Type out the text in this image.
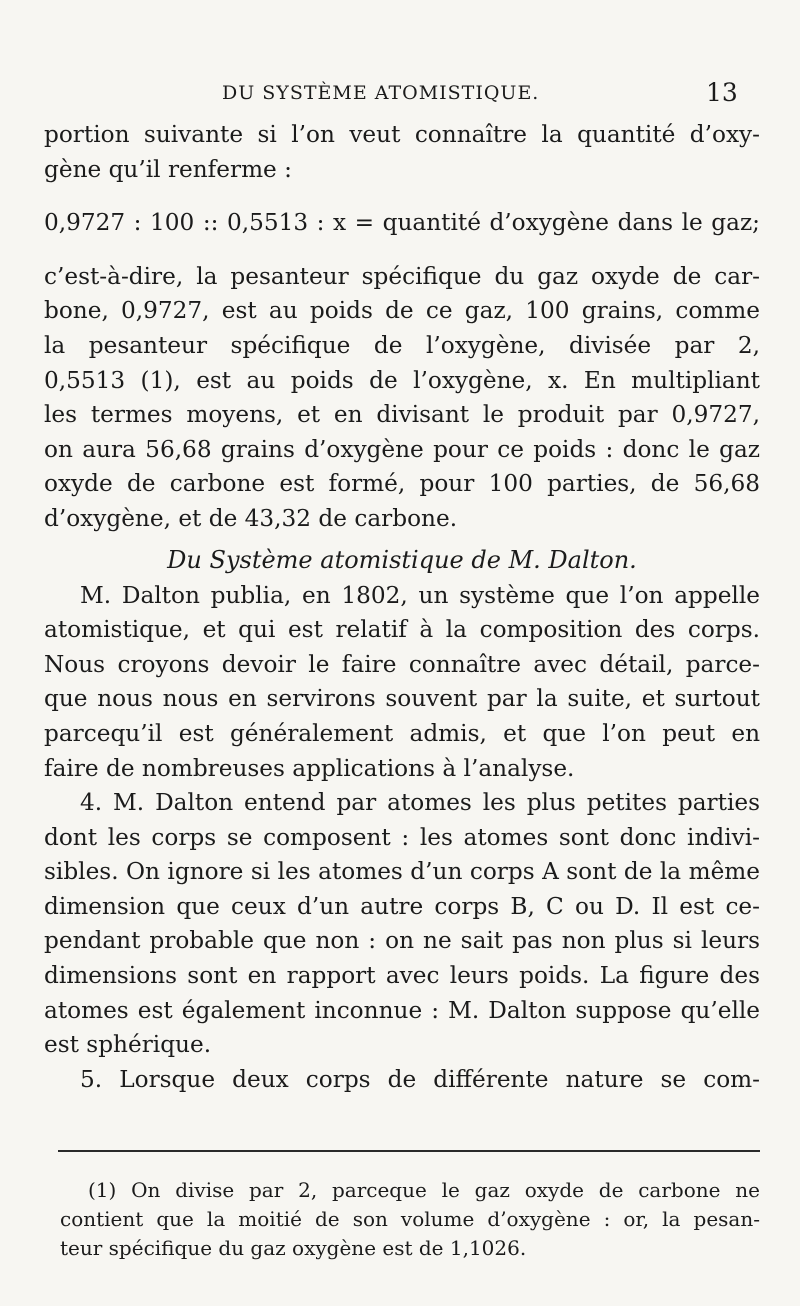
DU SYSTÈME ATOMISTIQUE.	13
portion suivante si l’on veut connaître la quantité d’oxy-
gène qu’il renferme :
0,9727 : 100 :: 0,5513 : x = quantité d’oxygène dans le gaz;
c’est-à-dire, la pesanteur spécifique du gaz oxyde de car-
bone, 0,9727, est au poids de ce gaz, 100 grains, comme
la pesanteur spécifique de l’oxygène, divisée par 2,
0,5513 (1), est au poids de l’oxygène, x. En multipliant
les termes moyens, et en divisant le produit par 0,9727,
on aura 56,68 grains d’oxygène pour ce poids : donc le gaz
oxyde de carbone est formé, pour 100 parties, de 56,68
d’oxygène, et de 43,32 de carbone.
Du Système atomistique de M. Dalton.
M. Dalton publia, en 1802, un système que l’on appelle
atomistique, et qui est relatif à la composition des corps.
Nous croyons devoir le faire connaître avec détail, parce-
que nous nous en servirons souvent par la suite, et surtout
parcequ’il est généralement admis, et que l’on peut en
faire de nombreuses applications à l’analyse.
4. M. Dalton entend par atomes les plus petites parties
dont les corps se composent : les atomes sont donc indivi-
sibles. On ignore si les atomes d’un corps A sont de la même
dimension que ceux d’un autre corps B, C ou D. Il est ce-
pendant probable que non : on ne sait pas non plus si leurs
dimensions sont en rapport avec leurs poids. La figure des
atomes est également inconnue : M. Dalton suppose qu’elle
est sphérique.
5. Lorsque deux corps de différente nature se com-
(1) On divise par 2, parceque le gaz oxyde de carbone ne
contient que la moitié de son volume d’oxygène : or, la pesan-
teur spécifique du gaz oxygène est de 1,1026.
